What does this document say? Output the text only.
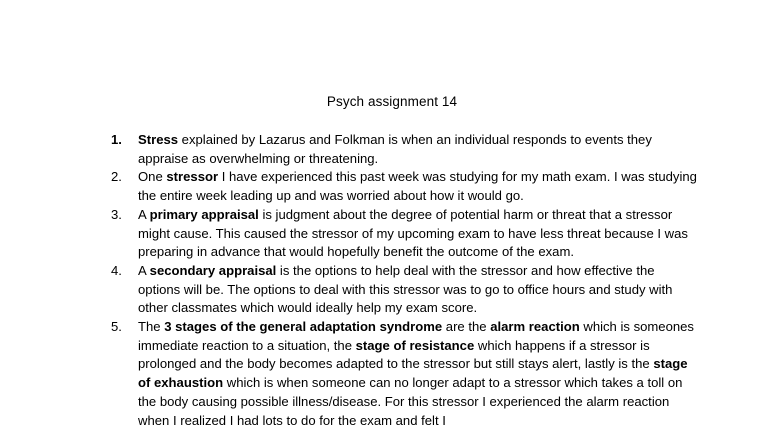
Psych assignment 14
1.	Stress explained by Lazarus and Folkman is when an individual responds to events they appraise as overwhelming or threatening.
2.	One stressor I have experienced this past week was studying for my math exam. I was studying the entire week leading up and was worried about how it would go.
3.	A primary appraisal is judgment about the degree of potential harm or threat that a stressor might cause. This caused the stressor of my upcoming exam to have less threat because I was preparing in advance that would hopefully benefit the outcome of the exam.
4.	A secondary appraisal is the options to help deal with the stressor and how effective the options will be. The options to deal with this stressor was to go to office hours and study with other classmates which would ideally help my exam score.
5.	The 3 stages of the general adaptation syndrome are the alarm reaction which is someones immediate reaction to a situation, the stage of resistance which happens if a stressor is prolonged and the body becomes adapted to the stressor but still stays alert, lastly is the stage of exhaustion which is when someone can no longer adapt to a stressor which takes a toll on the body causing possible illness/disease. For this stressor I experienced the alarm reaction when I realized I had lots to do for the exam and felt I
